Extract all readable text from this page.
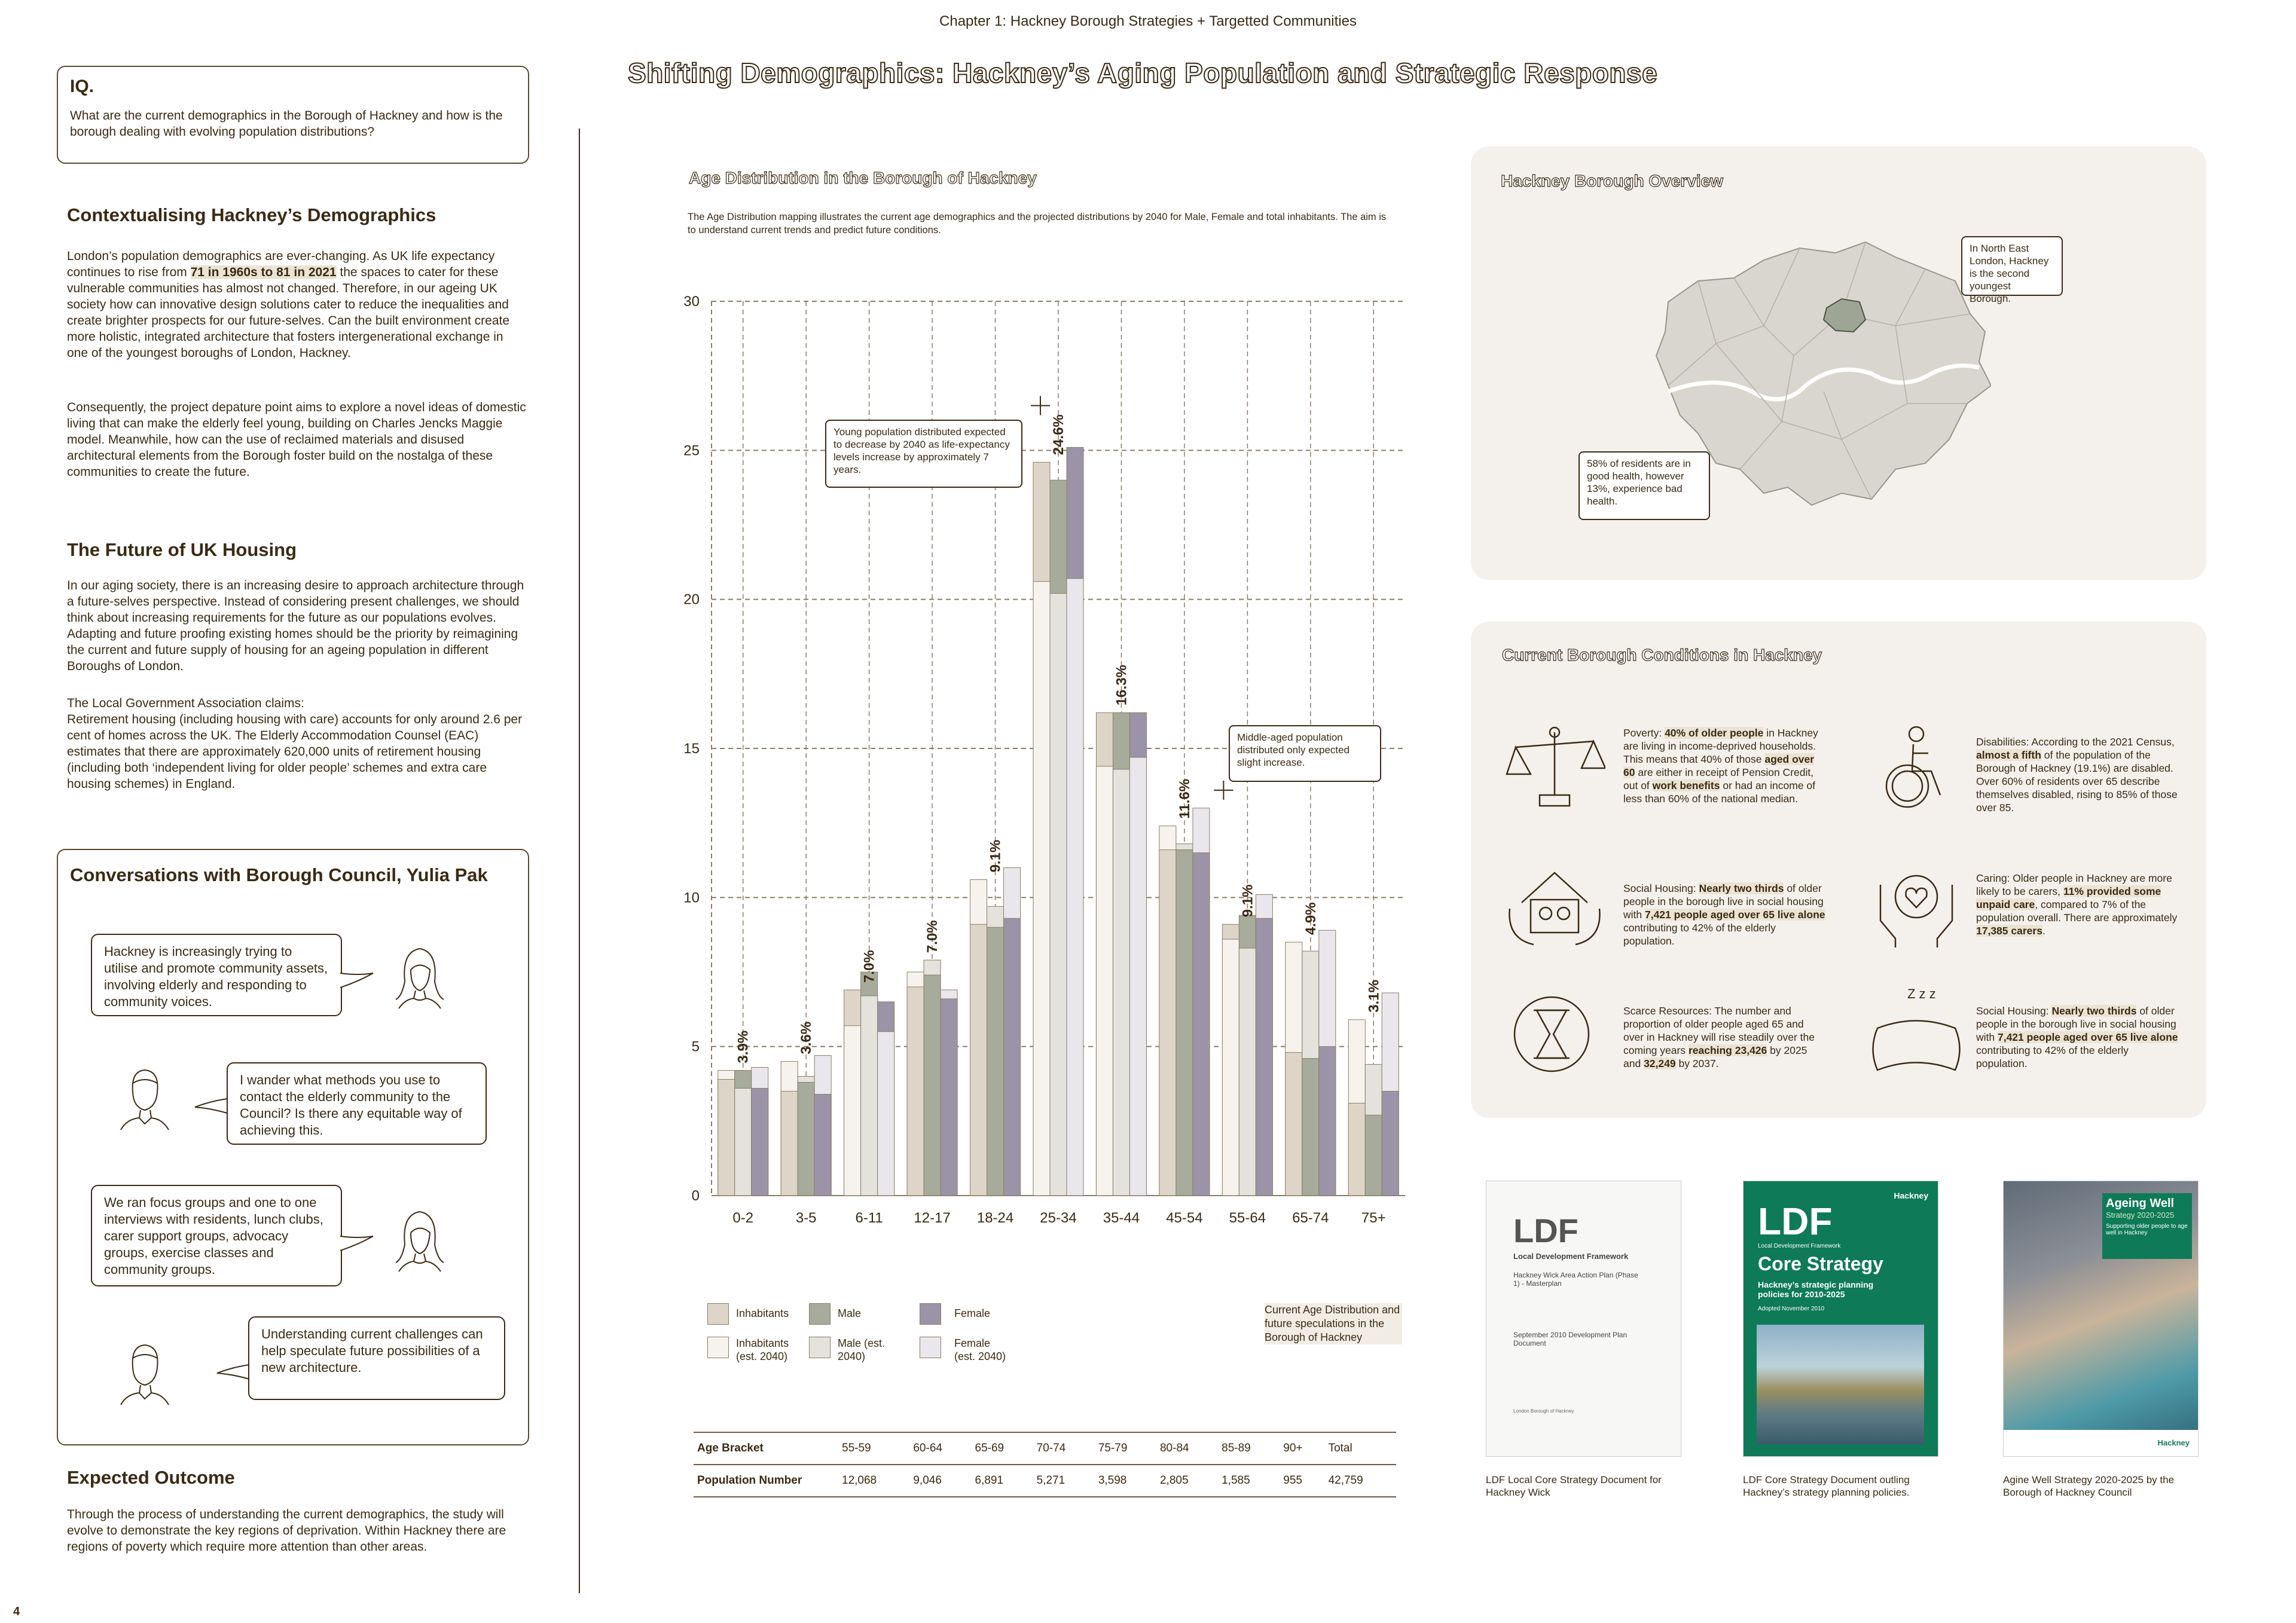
Chapter 1: Hackney Borough Strategies + Targetted Communities
Shifting Demographics: Hackney’s Aging Population and Strategic Response
4
IQ.
What are the current demographics in the Borough of Hackney and how is the borough dealing with evolving population distributions?
Contextualising Hackney’s Demographics
London’s population demographics are ever-changing. As UK life expectancy continues to rise from 71 in 1960s to 81 in 2021 the spaces to cater for these vulnerable communities has almost not changed. Therefore, in our ageing UK society how can innovative design solutions cater to reduce the inequalities and create brighter prospects for our future-selves. Can the built environment create more holistic, integrated architecture that fosters intergenerational exchange in one of the youngest boroughs of London, Hackney.
Consequently, the project depature point aims to explore a novel ideas of domestic living that can make the elderly feel young, building on Charles Jencks Maggie model. Meanwhile, how can the use of reclaimed materials and disused architectural elements from the Borough foster build on the nostalga of these communities to create the future.
The Future of UK Housing
In our aging society, there is an increasing desire to approach architecture through a future-selves perspective. Instead of considering present challenges, we should think about increasing requirements for the future as our populations evolves. Adapting and future proofing existing homes should be the priority by reimagining the current and future supply of housing for an ageing population in different Boroughs of London.
The Local Government Association claims:
Retirement housing (including housing with care) accounts for only around 2.6 per cent of homes across the UK. The Elderly Accommodation Counsel (EAC) estimates that there are approximately 620,000 units of retirement housing (including both ‘independent living for older people’ schemes and extra care housing schemes) in England.
Conversations with Borough Council, Yulia Pak
Hackney is increasingly trying to utilise and promote community assets, involving elderly and responding to community voices.
I wander what methods you use to contact the elderly community to the Council? Is there any equitable way of achieving this.
We ran focus groups and one to one interviews with residents, lunch clubs, carer support groups, advocacy groups, exercise classes and community groups.
Understanding current challenges can help speculate future possibilities of a new architecture.
Expected Outcome
Through the process of understanding the current demographics, the study will evolve to demonstrate the key regions of deprivation. Within Hackney there are regions of poverty which require more attention than other areas.
Age Distribution in the Borough of Hackney
The Age Distribution mapping illustrates the current age demographics and the projected distributions by 2040 for Male, Female and total inhabitants. The aim is to understand current trends and predict future conditions.
0
5
10
15
20
25
30
3.9%
0-2
3.6%
3-5
7.0%
6-11
7.0%
12-17
9.1%
18-24
24.6%
25-34
16.3%
35-44
11.6%
45-54
9.1%
55-64
4.9%
65-74
3.1%
75+
Young population distributed expected to decrease by 2040 as life-expectancy levels increase by approximately 7 years.
Middle-aged population distributed only expected slight increase.
Inhabitants	Male	Female
Inhabitants (est. 2040)
Male (est. 2040)
Female (est. 2040)
Current Age Distribution and future speculations in the Borough of Hackney
Age Bracket	55-59	60-64	65-69	70-74	75-79	80-84	85-89	90+	Total
Population Number	12,068	9,046	6,891	5,271	3,598	2,805	1,585	955	42,759
Hackney Borough Overview
In North East London, Hackney is the second youngest Borough.
58% of residents are in good health, however 13%, experience bad health.
Current Borough Conditions in Hackney
Poverty: 40% of older people in Hackney are living in income-deprived households. This means that 40% of those aged over 60 are either in receipt of Pension Credit, out of work benefits or had an income of less than 60% of the national median.
Disabilities: According to the 2021 Census, almost a fifth of the population of the Borough of Hackney (19.1%) are disabled. Over 60% of residents over 65 describe themselves disabled, rising to 85% of those over 85.
Social Housing: Nearly two thirds of older people in the borough live in social housing with 7,421 people aged over 65 live alone contributing to 42% of the elderly population.
Caring: Older people in Hackney are more likely to be carers, 11% provided some unpaid care, compared to 7% of the population overall. There are approximately 17,385 carers.
Scarce Resources: The number and proportion of older people aged 65 and over in Hackney will rise steadily over the coming years reaching 23,426 by 2025 and 32,249 by 2037.
Z z z
Social Housing: Nearly two thirds of older people in the borough live in social housing with 7,421 people aged over 65 live alone contributing to 42% of the elderly population.
LDF
Local Development Framework
Hackney Wick Area Action Plan (Phase 1) - Masterplan
September 2010 Development Plan Document
London Borough of Hackney
LDF Local Core Strategy Document for Hackney Wick
Hackney
LDF
Local Development Framework
Core Strategy
Hackney’s strategic planning policies for 2010-2025
Adopted November 2010
LDF Core Strategy Document outling Hackney’s strategy planning policies.
Ageing Well
Strategy 2020-2025
Supporting older people to age well in Hackney
Hackney
Agine Well Strategy 2020-2025 by the Borough of Hackney Council
